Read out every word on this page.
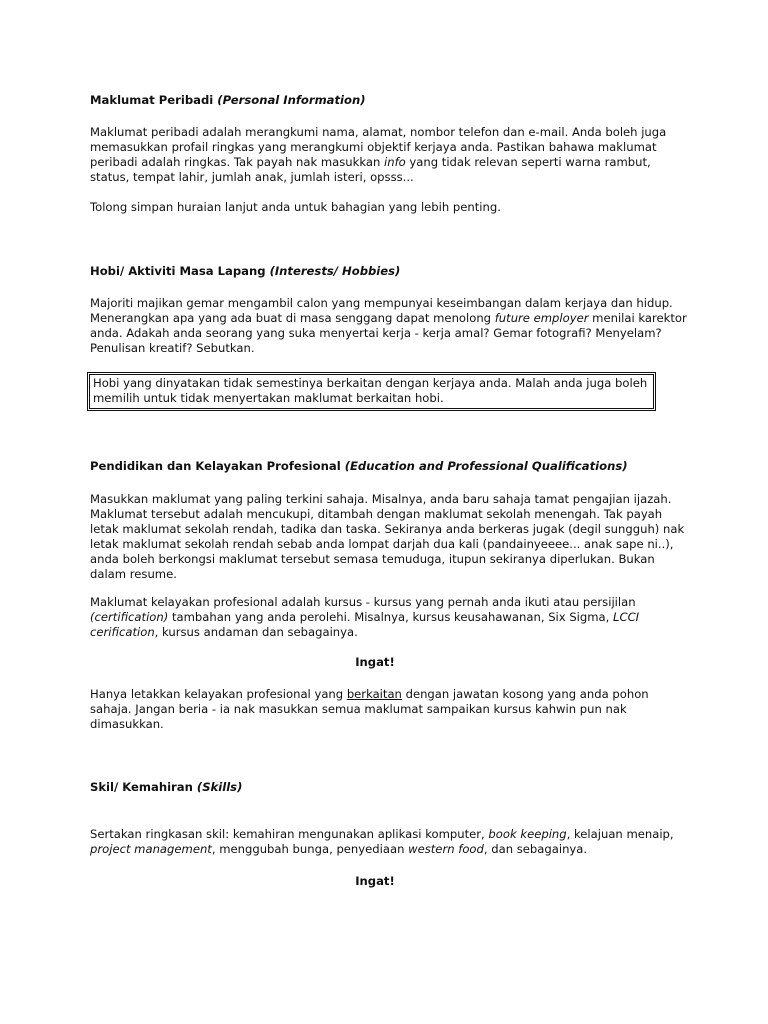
Maklumat Peribadi (Personal Information)
Maklumat peribadi adalah merangkumi nama, alamat, nombor telefon dan e-mail. Anda boleh juga
memasukkan profail ringkas yang merangkumi objektif kerjaya anda. Pastikan bahawa maklumat
peribadi adalah ringkas. Tak payah nak masukkan info yang tidak relevan seperti warna rambut,
status, tempat lahir, jumlah anak, jumlah isteri, opsss...
Tolong simpan huraian lanjut anda untuk bahagian yang lebih penting.
Hobi/ Aktiviti Masa Lapang (Interests/ Hobbies)
Majoriti majikan gemar mengambil calon yang mempunyai keseimbangan dalam kerjaya dan hidup.
Menerangkan apa yang ada buat di masa senggang dapat menolong future employer menilai karektor
anda. Adakah anda seorang yang suka menyertai kerja - kerja amal? Gemar fotografi? Menyelam?
Penulisan kreatif? Sebutkan.
Hobi yang dinyatakan tidak semestinya berkaitan dengan kerjaya anda. Malah anda juga boleh
memilih untuk tidak menyertakan maklumat berkaitan hobi.
Pendidikan dan Kelayakan Profesional (Education and Professional Qualifications)
Masukkan maklumat yang paling terkini sahaja. Misalnya, anda baru sahaja tamat pengajian ijazah.
Maklumat tersebut adalah mencukupi, ditambah dengan maklumat sekolah menengah. Tak payah
letak maklumat sekolah rendah, tadika dan taska. Sekiranya anda berkeras jugak (degil sungguh) nak
letak maklumat sekolah rendah sebab anda lompat darjah dua kali (pandainyeeee... anak sape ni..),
anda boleh berkongsi maklumat tersebut semasa temuduga, itupun sekiranya diperlukan. Bukan
dalam resume.
Maklumat kelayakan profesional adalah kursus - kursus yang pernah anda ikuti atau persijilan
(certification) tambahan yang anda perolehi. Misalnya, kursus keusahawanan, Six Sigma, LCCI
cerification, kursus andaman dan sebagainya.
Ingat!
Hanya letakkan kelayakan profesional yang berkaitan dengan jawatan kosong yang anda pohon
sahaja. Jangan beria - ia nak masukkan semua maklumat sampaikan kursus kahwin pun nak
dimasukkan.
Skil/ Kemahiran (Skills)
Sertakan ringkasan skil: kemahiran mengunakan aplikasi komputer, book keeping, kelajuan menaip,
project management, menggubah bunga, penyediaan western food, dan sebagainya.
Ingat!
